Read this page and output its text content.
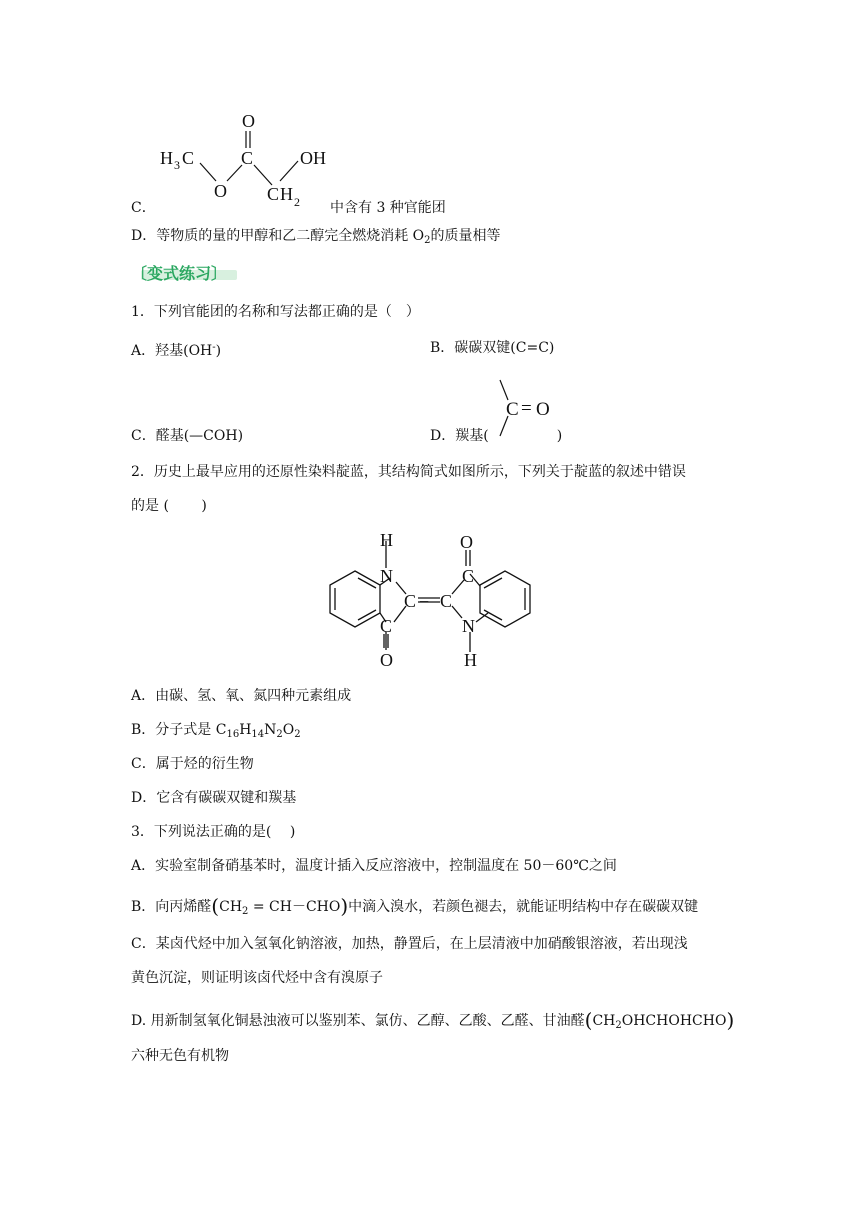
O
C	OH
H 3 C
O C H 2
C．	中含有 3 种官能团
D．等物质的量的甲醇和乙二醇完全燃烧消耗 $O_2$的质量相等
〔变式练习〕
1．下列官能团的名称和写法都正确的是（　）
A．羟基(OH-)	B．碳碳双键(C=C)
C．醛基(—COH)	D．羰基(	)
C = O
2．历史上最早应用的还原性染料靛蓝，其结构简式如图所示，下列关于靛蓝的叙述中错误
的是 (　　 )
H
N
C = C
O
C
C
O
N
H
A．由碳、氢、氧、氮四种元素组成
B．分子式是 $C_{16}H_{14}N_2O_2$
C．属于烃的衍生物
D．它含有碳碳双键和羰基
3．下列说法正确的是(　 )
A．实验室制备硝基苯时，温度计插入反应溶液中，控制温度在 50－60℃之间
B．向丙烯醛$(CH_2 = CH-CHO)$中滴入溴水，若颜色褪去，就能证明结构中存在碳碳双键
C．某卤代烃中加入氢氧化钠溶液，加热，静置后，在上层清液中加硝酸银溶液，若出现浅
黄色沉淀，则证明该卤代烃中含有溴原子
D. 用新制氢氧化铜悬浊液可以鉴别苯、氯仿、乙醇、乙酸、乙醛、甘油醛$(CH_2OHCHOHCHO)$
六种无色有机物
